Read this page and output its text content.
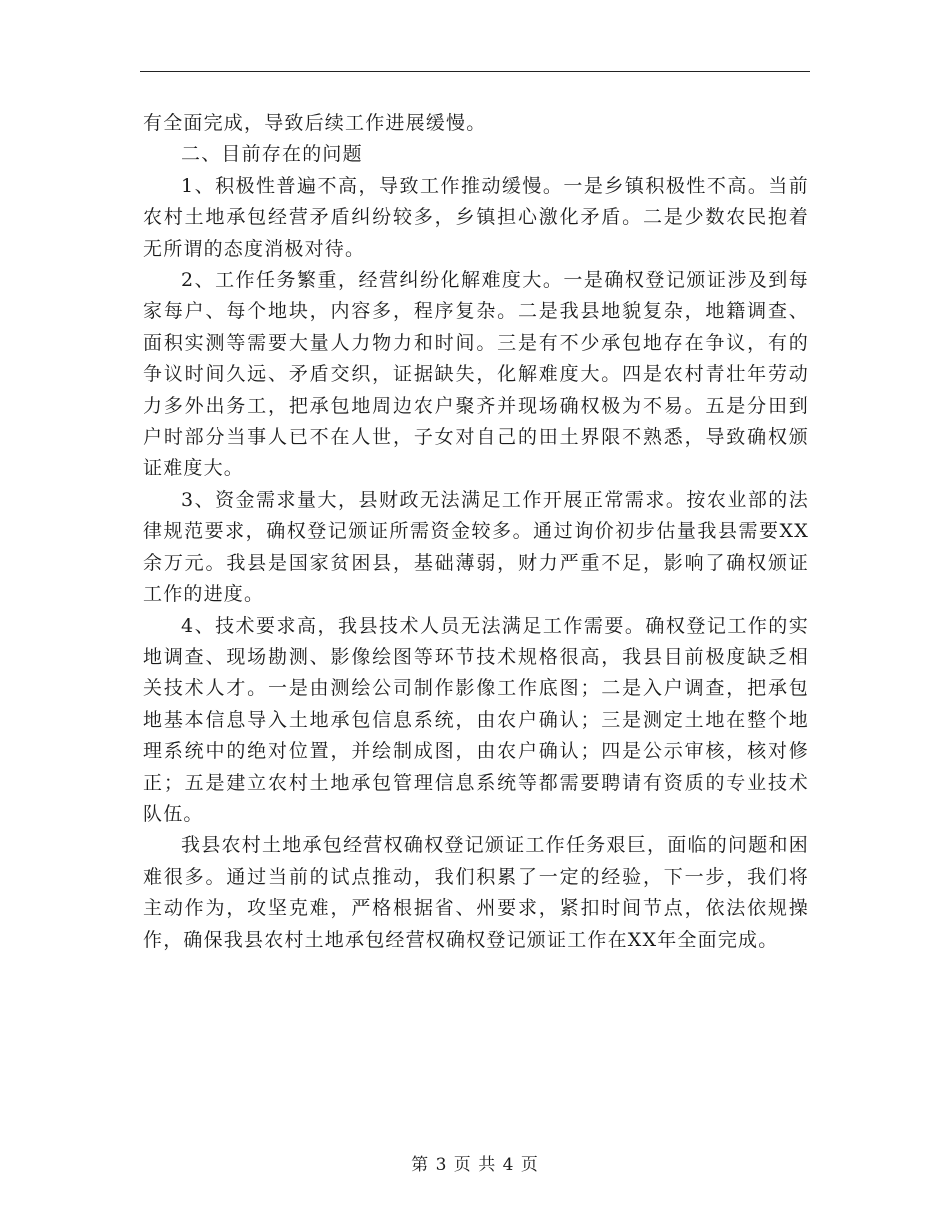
有全面完成，导致后续工作进展缓慢。

二、目前存在的问题

1、积极性普遍不高，导致工作推动缓慢。一是乡镇积极性不高。当前农村土地承包经营矛盾纠纷较多，乡镇担心激化矛盾。二是少数农民抱着无所谓的态度消极对待。

2、工作任务繁重，经营纠纷化解难度大。一是确权登记颁证涉及到每家每户、每个地块，内容多，程序复杂。二是我县地貌复杂，地籍调查、面积实测等需要大量人力物力和时间。三是有不少承包地存在争议，有的争议时间久远、矛盾交织，证据缺失，化解难度大。四是农村青壮年劳动力多外出务工，把承包地周边农户聚齐并现场确权极为不易。五是分田到户时部分当事人已不在人世，子女对自己的田土界限不熟悉，导致确权颁证难度大。

3、资金需求量大，县财政无法满足工作开展正常需求。按农业部的法律规范要求，确权登记颁证所需资金较多。通过询价初步估量我县需要XX余万元。我县是国家贫困县，基础薄弱，财力严重不足，影响了确权颁证工作的进度。

4、技术要求高，我县技术人员无法满足工作需要。确权登记工作的实地调查、现场勘测、影像绘图等环节技术规格很高，我县目前极度缺乏相关技术人才。一是由测绘公司制作影像工作底图；二是入户调查，把承包地基本信息导入土地承包信息系统，由农户确认；三是测定土地在整个地理系统中的绝对位置，并绘制成图，由农户确认；四是公示审核，核对修正；五是建立农村土地承包管理信息系统等都需要聘请有资质的专业技术队伍。

我县农村土地承包经营权确权登记颁证工作任务艰巨，面临的问题和困难很多。通过当前的试点推动，我们积累了一定的经验，下一步，我们将主动作为，攻坚克难，严格根据省、州要求，紧扣时间节点，依法依规操作，确保我县农村土地承包经营权确权登记颁证工作在XX年全面完成。

第 3 页 共 4 页
